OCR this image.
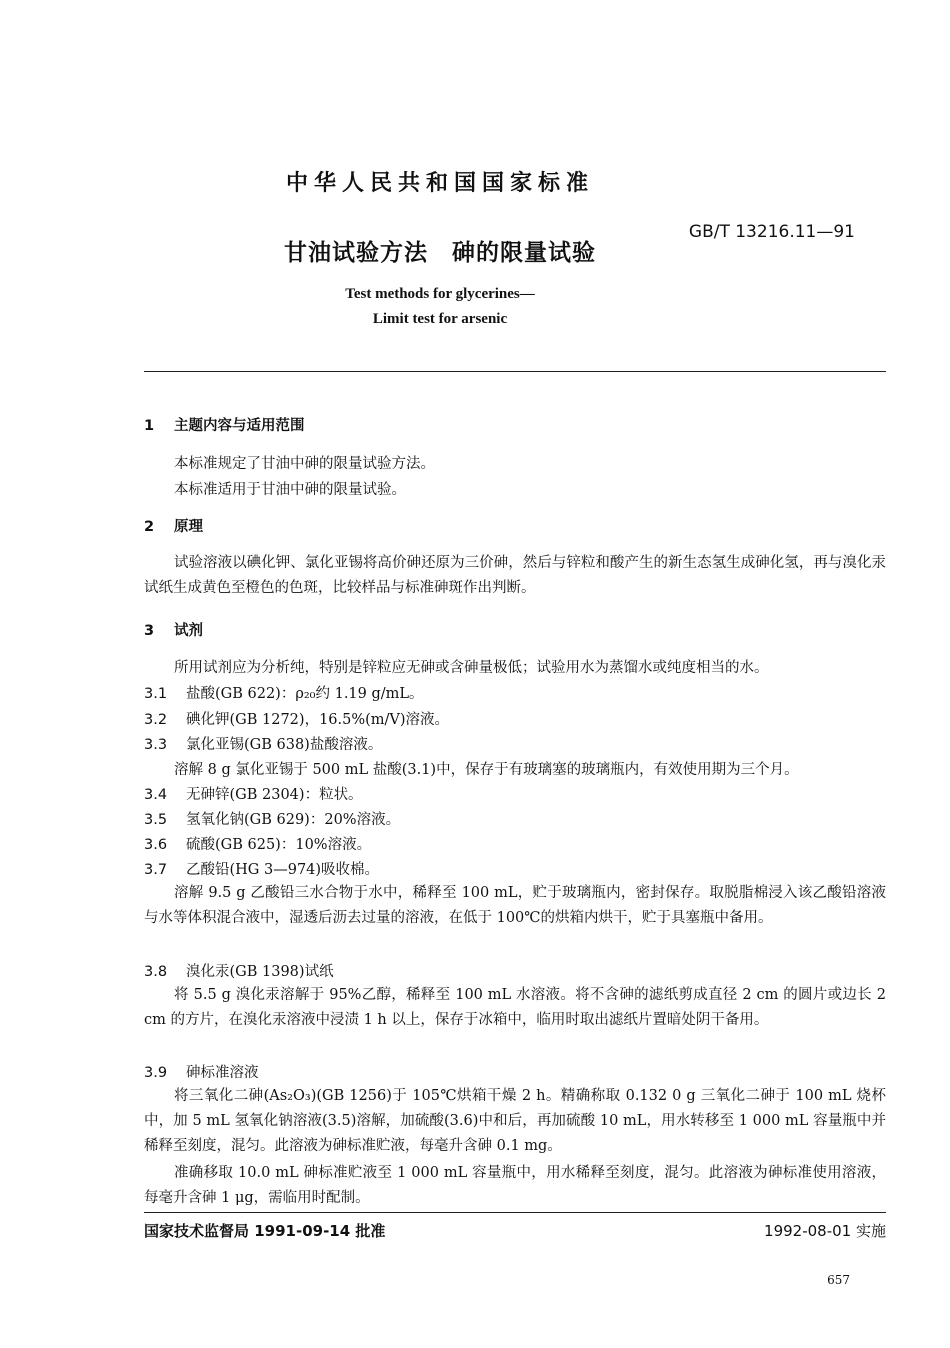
中华人民共和国国家标准
GB/T 13216.11—91
甘油试验方法　砷的限量试验
Test methods for glycerines—
Limit test for arsenic
1 主题内容与适用范围
本标准规定了甘油中砷的限量试验方法。
本标准适用于甘油中砷的限量试验。
2 原理
试验溶液以碘化钾、氯化亚锡将高价砷还原为三价砷，然后与锌粒和酸产生的新生态氢生成砷化氢，再与溴化汞试纸生成黄色至橙色的色斑，比较样品与标准砷斑作出判断。
3 试剂
所用试剂应为分析纯，特别是锌粒应无砷或含砷量极低；试验用水为蒸馏水或纯度相当的水。
3.1 盐酸(GB 622)：ρ₂₀约 1.19 g/mL。
3.2 碘化钾(GB 1272)，16.5%(m/V)溶液。
3.3 氯化亚锡(GB 638)盐酸溶液。
溶解 8 g 氯化亚锡于 500 mL 盐酸(3.1)中，保存于有玻璃塞的玻璃瓶内，有效使用期为三个月。
3.4 无砷锌(GB 2304)：粒状。
3.5 氢氧化钠(GB 629)：20%溶液。
3.6 硫酸(GB 625)：10%溶液。
3.7 乙酸铅(HG 3—974)吸收棉。
溶解 9.5 g 乙酸铅三水合物于水中，稀释至 100 mL，贮于玻璃瓶内，密封保存。取脱脂棉浸入该乙酸铅溶液与水等体积混合液中，湿透后沥去过量的溶液，在低于 100℃的烘箱内烘干，贮于具塞瓶中备用。
3.8 溴化汞(GB 1398)试纸
将 5.5 g 溴化汞溶解于 95%乙醇，稀释至 100 mL 水溶液。将不含砷的滤纸剪成直径 2 cm 的圆片或边长 2 cm 的方片，在溴化汞溶液中浸渍 1 h 以上，保存于冰箱中，临用时取出滤纸片置暗处阴干备用。
3.9 砷标准溶液
将三氧化二砷(As₂O₃)(GB 1256)于 105℃烘箱干燥 2 h。精确称取 0.132 0 g 三氧化二砷于 100 mL 烧杯中，加 5 mL 氢氧化钠溶液(3.5)溶解，加硫酸(3.6)中和后，再加硫酸 10 mL，用水转移至 1 000 mL 容量瓶中并稀释至刻度，混匀。此溶液为砷标准贮液，每毫升含砷 0.1 mg。
准确移取 10.0 mL 砷标准贮液至 1 000 mL 容量瓶中，用水稀释至刻度，混匀。此溶液为砷标准使用溶液，每毫升含砷 1 μg，需临用时配制。
国家技术监督局 1991-09-14 批准	1992-08-01 实施
657
